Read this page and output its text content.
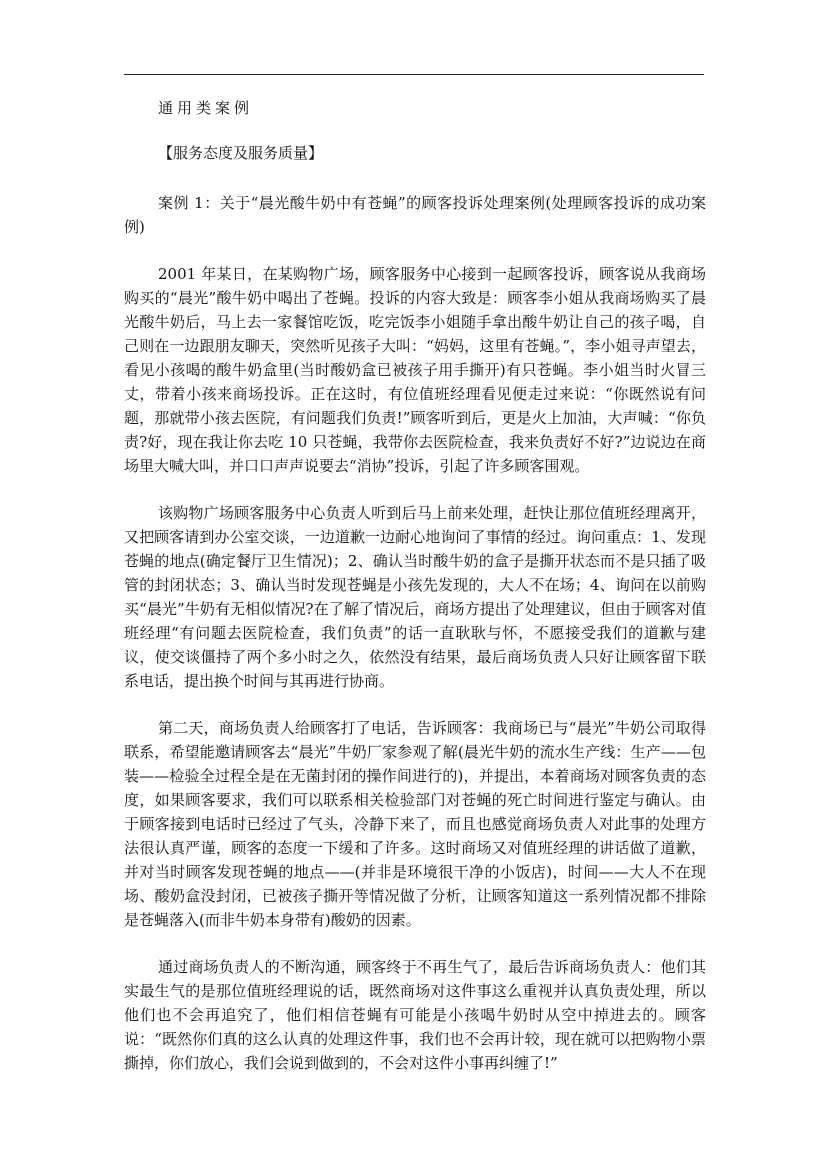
通用类案例

【服务态度及服务质量】

案例 1：关于“晨光酸牛奶中有苍蝇”的顾客投诉处理案例(处理顾客投诉的成功案例)

2001 年某日，在某购物广场，顾客服务中心接到一起顾客投诉，顾客说从我商场购买的“晨光”酸牛奶中喝出了苍蝇。投诉的内容大致是：顾客李小姐从我商场购买了晨光酸牛奶后，马上去一家餐馆吃饭，吃完饭李小姐随手拿出酸牛奶让自己的孩子喝，自己则在一边跟朋友聊天，突然听见孩子大叫：“妈妈，这里有苍蝇。”，李小姐寻声望去，看见小孩喝的酸牛奶盒里(当时酸奶盒已被孩子用手撕开)有只苍蝇。李小姐当时火冒三丈，带着小孩来商场投诉。正在这时，有位值班经理看见便走过来说：“你既然说有问题，那就带小孩去医院，有问题我们负责!”顾客听到后，更是火上加油，大声喊：“你负责?好，现在我让你去吃 10 只苍蝇，我带你去医院检查，我来负责好不好?”边说边在商场里大喊大叫，并口口声声说要去“消协”投诉，引起了许多顾客围观。

该购物广场顾客服务中心负责人听到后马上前来处理，赶快让那位值班经理离开，又把顾客请到办公室交谈，一边道歉一边耐心地询问了事情的经过。询问重点：1、发现苍蝇的地点(确定餐厅卫生情况)；2、确认当时酸牛奶的盒子是撕开状态而不是只插了吸管的封闭状态；3、确认当时发现苍蝇是小孩先发现的，大人不在场；4、询问在以前购买“晨光”牛奶有无相似情况?在了解了情况后，商场方提出了处理建议，但由于顾客对值班经理“有问题去医院检查，我们负责”的话一直耿耿与怀，不愿接受我们的道歉与建议，使交谈僵持了两个多小时之久，依然没有结果，最后商场负责人只好让顾客留下联系电话，提出换个时间与其再进行协商。

第二天，商场负责人给顾客打了电话，告诉顾客：我商场已与“晨光”牛奶公司取得联系，希望能邀请顾客去“晨光”牛奶厂家参观了解(晨光牛奶的流水生产线：生产——包装——检验全过程全是在无菌封闭的操作间进行的)，并提出，本着商场对顾客负责的态度，如果顾客要求，我们可以联系相关检验部门对苍蝇的死亡时间进行鉴定与确认。由于顾客接到电话时已经过了气头，冷静下来了，而且也感觉商场负责人对此事的处理方法很认真严谨，顾客的态度一下缓和了许多。这时商场又对值班经理的讲话做了道歉，并对当时顾客发现苍蝇的地点——(并非是环境很干净的小饭店)，时间——大人不在现场、酸奶盒没封闭，已被孩子撕开等情况做了分析，让顾客知道这一系列情况都不排除是苍蝇落入(而非牛奶本身带有)酸奶的因素。

通过商场负责人的不断沟通，顾客终于不再生气了，最后告诉商场负责人：他们其实最生气的是那位值班经理说的话，既然商场对这件事这么重视并认真负责处理，所以他们也不会再追究了，他们相信苍蝇有可能是小孩喝牛奶时从空中掉进去的。顾客说：“既然你们真的这么认真的处理这件事，我们也不会再计较，现在就可以把购物小票撕掉，你们放心，我们会说到做到的，不会对这件小事再纠缠了!”
